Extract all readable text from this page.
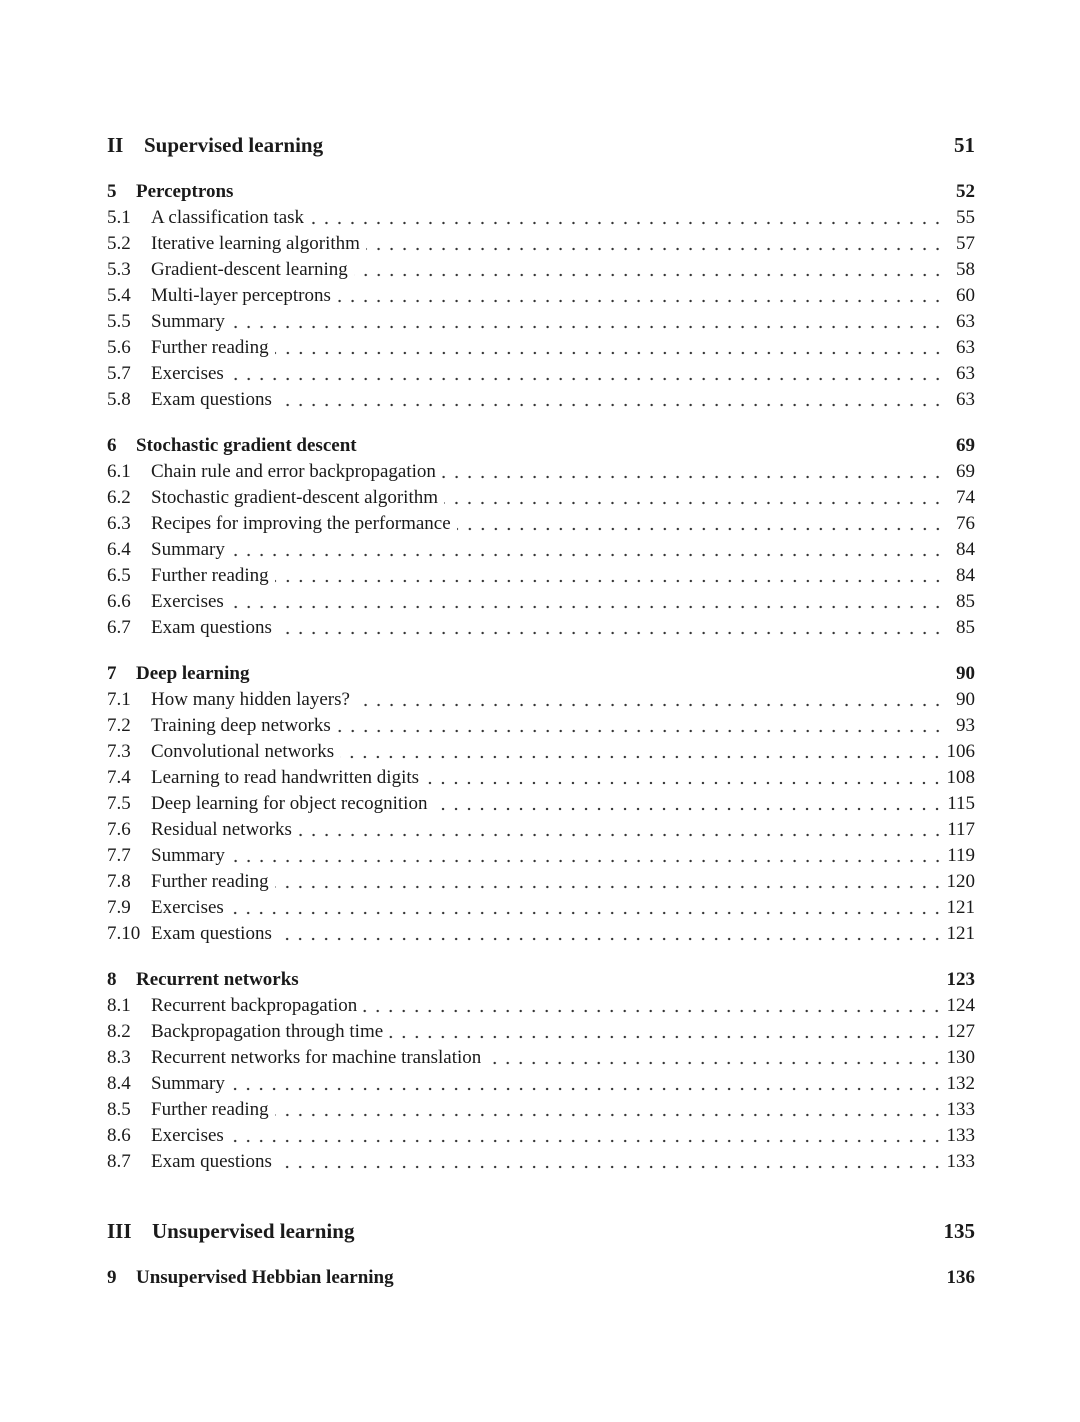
II Supervised learning	51
5	Perceptrons	52
5.1	A classification task	55
5.2	Iterative learning algorithm	57
5.3	Gradient-descent learning	58
5.4	Multi-layer perceptrons	60
5.5	Summary	63
5.6	Further reading	63
5.7	Exercises	63
5.8	Exam questions	63
6	Stochastic gradient descent	69
6.1	Chain rule and error backpropagation	69
6.2	Stochastic gradient-descent algorithm	74
6.3	Recipes for improving the performance	76
6.4	Summary	84
6.5	Further reading	84
6.6	Exercises	85
6.7	Exam questions	85
7	Deep learning	90
7.1	How many hidden layers?	90
7.2	Training deep networks	93
7.3	Convolutional networks	106
7.4	Learning to read handwritten digits	108
7.5	Deep learning for object recognition	115
7.6	Residual networks	117
7.7	Summary	119
7.8	Further reading	120
7.9	Exercises	121
7.10 Exam questions	121
8	Recurrent networks	123
8.1	Recurrent backpropagation	124
8.2	Backpropagation through time	127
8.3	Recurrent networks for machine translation	130
8.4	Summary	132
8.5	Further reading	133
8.6	Exercises	133
8.7	Exam questions	133
III Unsupervised learning	135
9	Unsupervised Hebbian learning	136
